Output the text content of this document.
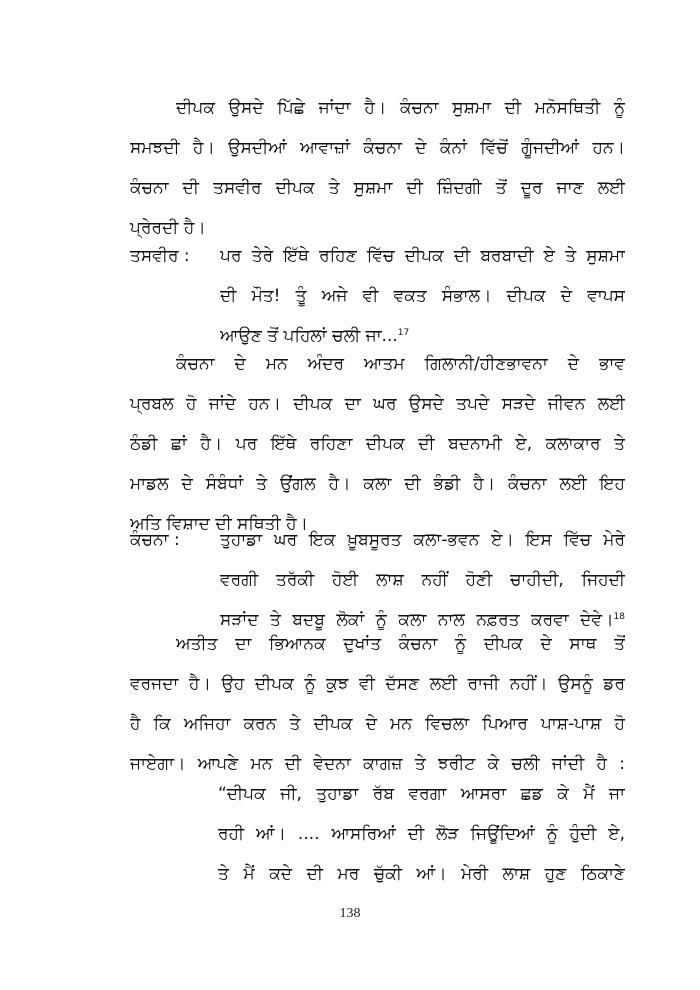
ਦੀਪਕ ਉਸਦੇ ਪਿੱਛੇ ਜਾਂਦਾ ਹੈ। ਕੰਚਨਾ ਸੁਸ਼ਮਾ ਦੀ ਮਨੋਸਥਿਤੀ ਨੂੰ
ਸਮਝਦੀ ਹੈ। ਉਸਦੀਆਂ ਆਵਾਜ਼ਾਂ ਕੰਚਨਾ ਦੇ ਕੰਨਾਂ ਵਿੱਚੋਂ ਗੂੰਜਦੀਆਂ ਹਨ।
ਕੰਚਨਾ ਦੀ ਤਸਵੀਰ ਦੀਪਕ ਤੇ ਸੁਸ਼ਮਾ ਦੀ ਜ਼ਿੰਦਗੀ ਤੋਂ ਦੂਰ ਜਾਣ ਲਈ
ਪ੍ਰੇਰਦੀ ਹੈ।
ਤਸਵੀਰ : ਪਰ ਤੇਰੇ ਇੱਥੇ ਰਹਿਣ ਵਿੱਚ ਦੀਪਕ ਦੀ ਬਰਬਾਦੀ ਏ ਤੇ ਸੁਸ਼ਮਾ
ਦੀ ਮੌਤ! ਤੂੰ ਅਜੇ ਵੀ ਵਕਤ ਸੰਭਾਲ। ਦੀਪਕ ਦੇ ਵਾਪਸ
ਆਉਣ ਤੋਂ ਪਹਿਲਾਂ ਚਲੀ ਜਾ...$^{17}$
ਕੰਚਨਾ ਦੇ ਮਨ ਅੰਦਰ ਆਤਮ ਗਿਲਾਨੀ/ਹੀਣਭਾਵਨਾ ਦੇ ਭਾਵ
ਪ੍ਰਬਲ ਹੋ ਜਾਂਦੇ ਹਨ। ਦੀਪਕ ਦਾ ਘਰ ਉਸਦੇ ਤਪਦੇ ਸੜਦੇ ਜੀਵਨ ਲਈ
ਠੰਡੀ ਛਾਂ ਹੈ। ਪਰ ਇੱਥੇ ਰਹਿਣਾ ਦੀਪਕ ਦੀ ਬਦਨਾਮੀ ਏ, ਕਲਾਕਾਰ ਤੇ
ਮਾਡਲ ਦੇ ਸੰਬੰਧਾਂ ਤੇ ਉਂਗਲ ਹੈ। ਕਲਾ ਦੀ ਭੰਡੀ ਹੈ। ਕੰਚਨਾ ਲਈ ਇਹ
ਅਤਿ ਵਿਸ਼ਾਦ ਦੀ ਸਥਿਤੀ ਹੈ।
ਕੰਚਨਾ : ਤੁਹਾਡਾ ਘਰ ਇਕ ਖ਼ੂਬਸੂਰਤ ਕਲਾ-ਭਵਨ ਏ। ਇਸ ਵਿੱਚ ਮੇਰੇ
ਵਰਗੀ ਤਰੱਕੀ ਹੋਈ ਲਾਸ਼ ਨਹੀਂ ਹੋਣੀ ਚਾਹੀਦੀ, ਜਿਹਦੀ
ਸੜਾਂਦ ਤੇ ਬਦਬੂ ਲੋਕਾਂ ਨੂੰ ਕਲਾ ਨਾਲ ਨਫ਼ਰਤ ਕਰਵਾ ਦੇਵੇ।$^{18}$
ਅਤੀਤ ਦਾ ਭਿਆਨਕ ਦੁਖਾਂਤ ਕੰਚਨਾ ਨੂੰ ਦੀਪਕ ਦੇ ਸਾਥ ਤੋਂ
ਵਰਜਦਾ ਹੈ। ਉਹ ਦੀਪਕ ਨੂੰ ਕੁਝ ਵੀ ਦੱਸਣ ਲਈ ਰਾਜੀ ਨਹੀਂ। ਉਸਨੂੰ ਡਰ
ਹੈ ਕਿ ਅਜਿਹਾ ਕਰਨ ਤੇ ਦੀਪਕ ਦੇ ਮਨ ਵਿਚਲਾ ਪਿਆਰ ਪਾਸ਼-ਪਾਸ਼ ਹੋ
ਜਾਏਗਾ। ਆਪਣੇ ਮਨ ਦੀ ਵੇਦਨਾ ਕਾਗਜ਼ ਤੇ ਝਰੀਟ ਕੇ ਚਲੀ ਜਾਂਦੀ ਹੈ :
“ਦੀਪਕ ਜੀ, ਤੁਹਾਡਾ ਰੱਬ ਵਰਗਾ ਆਸਰਾ ਛਡ ਕੇ ਮੈਂ ਜਾ
ਰਹੀ ਆਂ। .... ਆਸਰਿਆਂ ਦੀ ਲੋੜ ਜਿਊਂਦਿਆਂ ਨੂੰ ਹੁੰਦੀ ਏ,
ਤੇ ਮੈਂ ਕਦੇ ਦੀ ਮਰ ਚੁੱਕੀ ਆਂ। ਮੇਰੀ ਲਾਸ਼ ਹੁਣ ਠਿਕਾਣੇ
138
